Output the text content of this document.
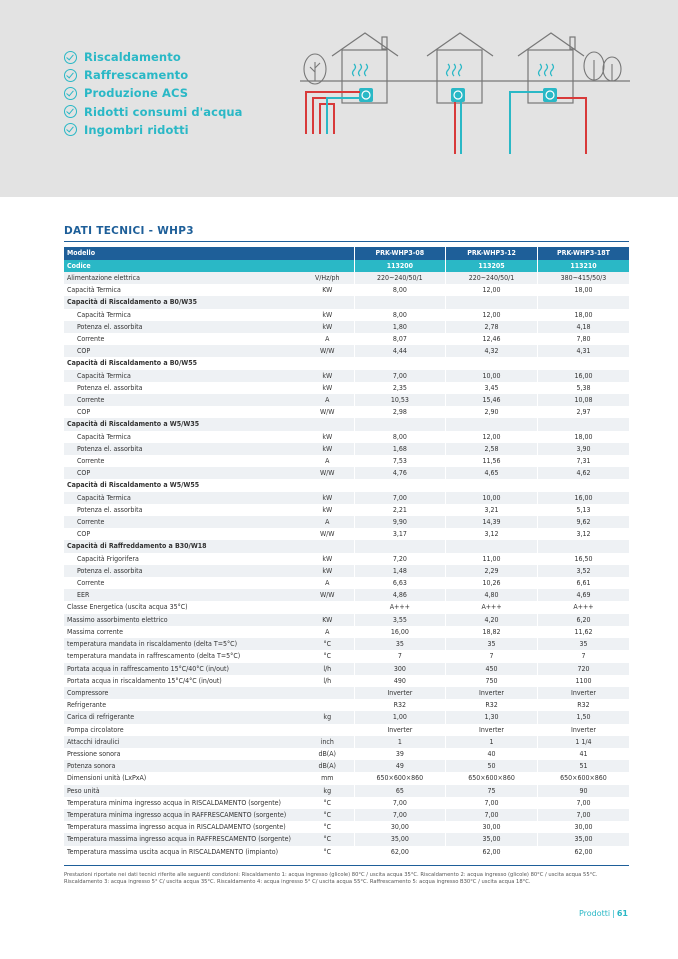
Riscaldamento
Raffrescamento
Produzione ACS
Ridotti consumi d'acqua
Ingombri ridotti
DATI TECNICI - WHP3
Modello		PRK-WHP3-08	PRK-WHP3-12	PRK-WHP3-18T
Codice		113200	113205	113210
Alimentazione elettrica	V/Hz/ph	220~240/50/1	220~240/50/1	380~415/50/3
Capacità Termica	KW	8,00	12,00	18,00
Capacità di Riscaldamento a B0/W35				
Capacità Termica	kW	8,00	12,00	18,00
Potenza el. assorbita	kW	1,80	2,78	4,18
Corrente	A	8,07	12,46	7,80
COP	W/W	4,44	4,32	4,31
Capacità di Riscaldamento a B0/W55				
Capacità Termica	kW	7,00	10,00	16,00
Potenza el. assorbita	kW	2,35	3,45	5,38
Corrente	A	10,53	15,46	10,08
COP	W/W	2,98	2,90	2,97
Capacità di Riscaldamento a W5/W35				
Capacità Termica	kW	8,00	12,00	18,00
Potenza el. assorbita	kW	1,68	2,58	3,90
Corrente	A	7,53	11,56	7,31
COP	W/W	4,76	4,65	4,62
Capacità di Riscaldamento a W5/W55				
Capacità Termica	kW	7,00	10,00	16,00
Potenza el. assorbita	kW	2,21	3,21	5,13
Corrente	A	9,90	14,39	9,62
COP	W/W	3,17	3,12	3,12
Capacità di Raffreddamento a B30/W18				
Capacità Frigorifera	kW	7,20	11,00	16,50
Potenza el. assorbita	kW	1,48	2,29	3,52
Corrente	A	6,63	10,26	6,61
EER	W/W	4,86	4,80	4,69
Classe Energetica (uscita acqua 35°C)		A+++	A+++	A+++
Massimo assorbimento elettrico	KW	3,55	4,20	6,20
Massima corrente	A	16,00	18,82	11,62
temperatura mandata in riscaldamento (delta T=5°C)	°C	35	35	35
temperatura mandata in raffrescamento (delta T=5°C)	°C	7	7	7
Portata acqua in raffrescamento 15°C/40°C (in/out)	l/h	300	450	720
Portata acqua in riscaldamento 15°C/4°C (in/out)	l/h	490	750	1100
Compressore		Inverter	Inverter	Inverter
Refrigerante		R32	R32	R32
Carica di refrigerante	kg	1,00	1,30	1,50
Pompa circolatore		Inverter	Inverter	Inverter
Attacchi idraulici	inch	1	1	1 1/4
Pressione sonora	dB(A)	39	40	41
Potenza sonora	dB(A)	49	50	51
Dimensioni unità (LxPxA)	mm	650×600×860	650×600×860	650×600×860
Peso unità	kg	65	75	90
Temperatura minima ingresso acqua in RISCALDAMENTO (sorgente)	°C	7,00	7,00	7,00
Temperatura minima ingresso acqua in RAFFRESCAMENTO (sorgente)	°C	7,00	7,00	7,00
Temperatura massima ingresso acqua in RISCALDAMENTO (sorgente)	°C	30,00	30,00	30,00
Temperatura massima ingresso acqua in RAFFRESCAMENTO (sorgente)	°C	35,00	35,00	35,00
Temperatura massima uscita acqua in RISCALDAMENTO (impianto)	°C	62,00	62,00	62,00

Prestazioni riportate nei dati tecnici riferite alle seguenti condizioni: Riscaldamento 1: acqua ingresso (glicole) 80°C / uscita acqua 35°C. Riscaldamento 2: acqua ingresso (glicole) 80°C / uscita acqua 55°C. Riscaldamento 3: acqua ingresso 5° C/ uscita acqua 35°C. Riscaldamento 4: acqua ingresso 5° C/ uscita acqua 55°C. Raffrescamento 5: acqua ingresso B30°C / uscita acqua 18°C.

Prodotti | 61
